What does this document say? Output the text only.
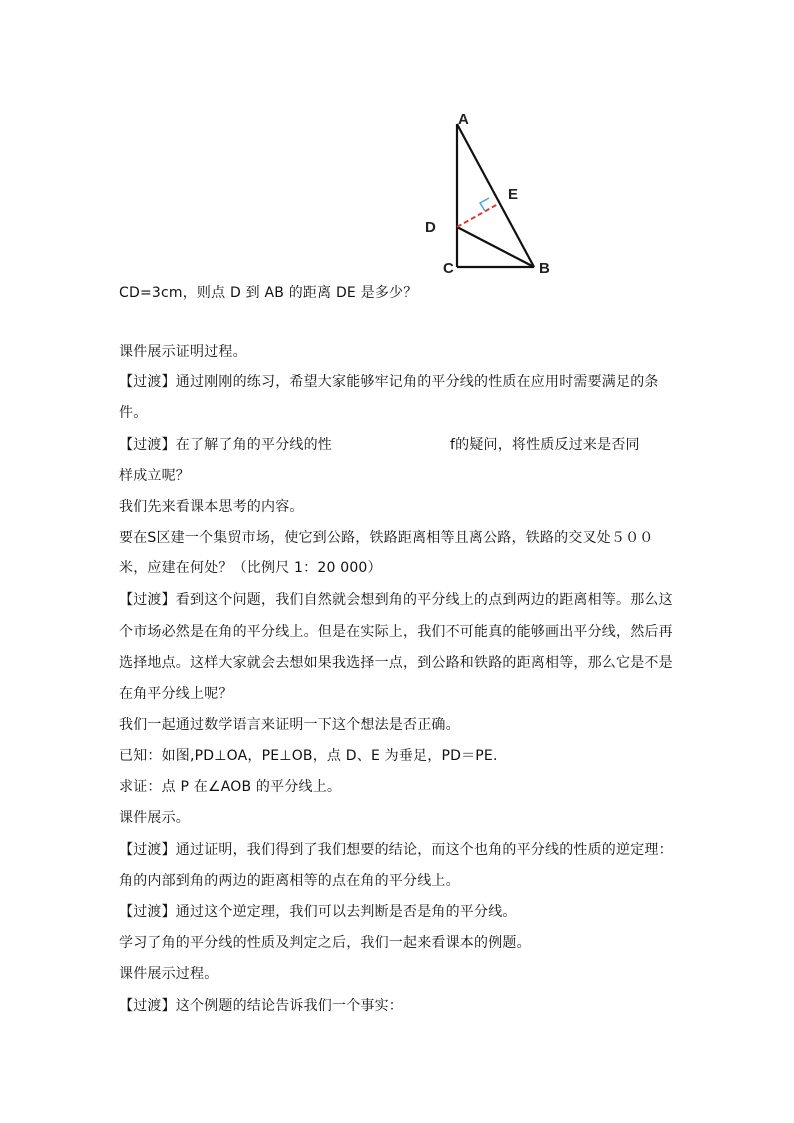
A
E
D
C	B
CD=3cm，则点 D 到 AB 的距离 DE 是多少？
课件展示证明过程。
【过渡】通过刚刚的练习，希望大家能够牢记角的平分线的性质在应用时需要满足的条
件。
【过渡】在了解了角的平分线的性	f的疑问，将性质反过来是否同
样成立呢？
我们先来看课本思考的内容。
要在S区建一个集贸市场，使它到公路，铁路距离相等且离公路，铁路的交叉处５００
米，应建在何处？（比例尺 1：20 000）
【过渡】看到这个问题，我们自然就会想到角的平分线上的点到两边的距离相等。那么这
个市场必然是在角的平分线上。但是在实际上，我们不可能真的能够画出平分线，然后再
选择地点。这样大家就会去想如果我选择一点，到公路和铁路的距离相等，那么它是不是
在角平分线上呢？
我们一起通过数学语言来证明一下这个想法是否正确。
已知：如图,PD⊥OA，PE⊥OB，点 D、E 为垂足，PD＝PE.
求证：点 P 在∠AOB 的平分线上。
课件展示。
【过渡】通过证明，我们得到了我们想要的结论，而这个也角的平分线的性质的逆定理：
角的内部到角的两边的距离相等的点在角的平分线上。
【过渡】通过这个逆定理，我们可以去判断是否是角的平分线。
学习了角的平分线的性质及判定之后，我们一起来看课本的例题。
课件展示过程。
【过渡】这个例题的结论告诉我们一个事实：
